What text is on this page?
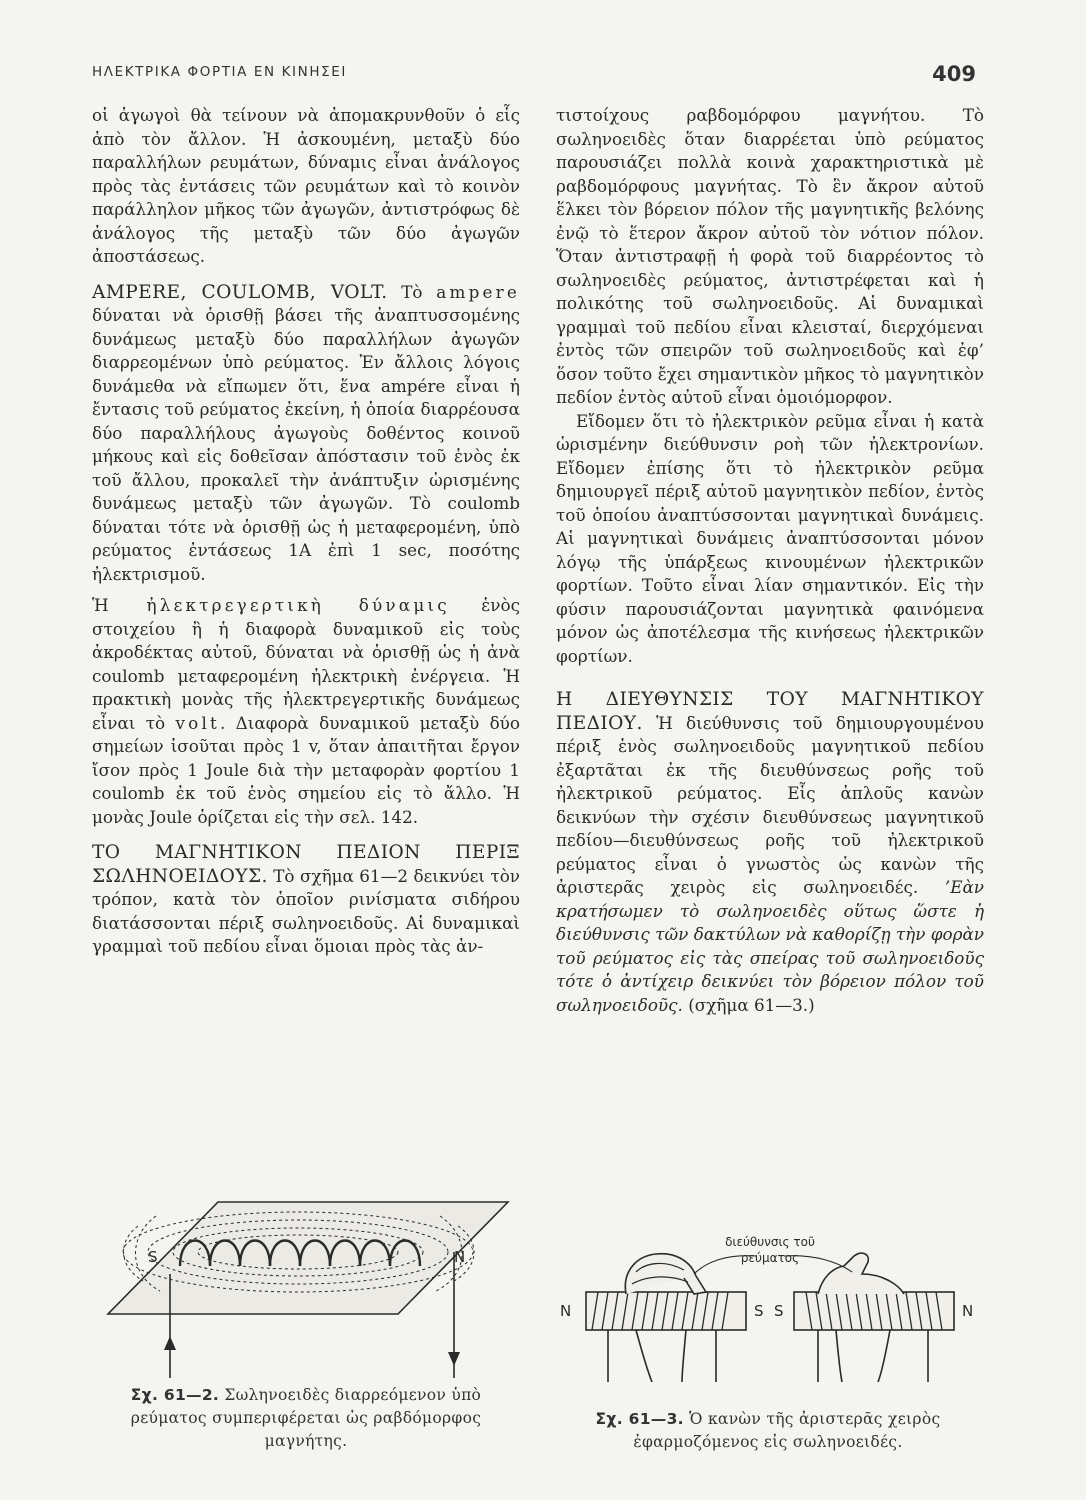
ΗΛΕΚΤΡΙΚΑ ΦΟΡΤΙΑ ΕΝ ΚΙΝΗΣΕΙ	409

οἱ ἀγωγοὶ θὰ τείνουν νὰ ἀπομακρυνθοῦν ὁ εἷς ἀπὸ τὸν ἄλλον. Ἡ ἀσκουμένη, μεταξὺ δύο παραλλήλων ρευμάτων, δύναμις εἶναι ἀνάλογος πρὸς τὰς ἐντάσεις τῶν ρευμάτων καὶ τὸ κοινὸν παράλληλον μῆκος τῶν ἀγωγῶν, ἀντιστρόφως δὲ ἀνάλογος τῆς μεταξὺ τῶν δύο ἀγωγῶν ἀποστάσεως.

AMPERE, COULOMB, VOLT. Τὸ ampere δύναται νὰ ὁρισθῇ βάσει τῆς ἀναπτυσσομένης δυνάμεως μεταξὺ δύο παραλλήλων ἀγωγῶν διαρρεομένων ὑπὸ ρεύματος. Ἐν ἄλλοις λόγοις δυνάμεθα νὰ εἴπωμεν ὅτι, ἕνα ampére εἶναι ἡ ἔντασις τοῦ ρεύματος ἐκείνη, ἡ ὁποία διαρρέουσα δύο παραλλήλους ἀγωγοὺς δοθέντος κοινοῦ μήκους καὶ εἰς δοθεῖσαν ἀπόστασιν τοῦ ἑνὸς ἐκ τοῦ ἄλλου, προκαλεῖ τὴν ἀνάπτυξιν ὡρισμένης δυνάμεως μεταξὺ τῶν ἀγωγῶν. Τὸ coulomb δύναται τότε νὰ ὁρισθῇ ὡς ἡ μεταφερομένη, ὑπὸ ρεύματος ἐντάσεως 1A ἐπὶ 1 sec, ποσότης ἠλεκτρισμοῦ.

Ἡ ἠλεκτρεγερτικὴ δύναμις ἑνὸς στοιχείου ἢ ἡ διαφορὰ δυναμικοῦ εἰς τοὺς ἀκροδέκτας αὐτοῦ, δύναται νὰ ὁρισθῇ ὡς ἡ ἀνὰ coulomb μεταφερομένη ἠλεκτρικὴ ἐνέργεια. Ἡ πρακτικὴ μονὰς τῆς ἠλεκτρεγερτικῆς δυνάμεως εἶναι τὸ volt. Διαφορὰ δυναμικοῦ μεταξὺ δύο σημείων ἰσοῦται πρὸς 1 v, ὅταν ἀπαιτῆται ἔργον ἴσον πρὸς 1 Joule διὰ τὴν μεταφορὰν φορτίου 1 coulomb ἐκ τοῦ ἑνὸς σημείου εἰς τὸ ἄλλο. Ἡ μονὰς Joule ὁρίζεται εἰς τὴν σελ. 142.

ΤΟ ΜΑΓΝΗΤΙΚΟΝ ΠΕΔΙΟΝ ΠΕΡΙΞ ΣΩΛΗΝΟΕΙΔΟΥΣ. Τὸ σχῆμα 61—2 δεικνύει τὸν τρόπον, κατὰ τὸν ὁποῖον ρινίσματα σιδήρου διατάσσονται πέριξ σωληνοειδοῦς. Αἱ δυναμικαὶ γραμμαὶ τοῦ πεδίου εἶναι ὅμοιαι πρὸς τὰς ἀν-

τιστοίχους ραβδομόρφου μαγνήτου. Τὸ σωληνοειδὲς ὅταν διαρρέεται ὑπὸ ρεύματος παρουσιάζει πολλὰ κοινὰ χαρακτηριστικὰ μὲ ραβδομόρφους μαγνήτας. Τὸ ἓν ἄκρον αὐτοῦ ἕλκει τὸν βόρειον πόλον τῆς μαγνητικῆς βελόνης ἐνῷ τὸ ἕτερον ἄκρον αὐτοῦ τὸν νότιον πόλον. Ὅταν ἀντιστραφῇ ἡ φορὰ τοῦ διαρρέοντος τὸ σωληνοειδὲς ρεύματος, ἀντιστρέφεται καὶ ἡ πολικότης τοῦ σωληνοειδοῦς. Αἱ δυναμικαὶ γραμμαὶ τοῦ πεδίου εἶναι κλεισταί, διερχόμεναι ἐντὸς τῶν σπειρῶν τοῦ σωληνοειδοῦς καὶ ἐφ’ ὅσον τοῦτο ἔχει σημαντικὸν μῆκος τὸ μαγνητικὸν πεδίον ἐντὸς αὐτοῦ εἶναι ὁμοιόμορφον.

Εἴδομεν ὅτι τὸ ἠλεκτρικὸν ρεῦμα εἶναι ἡ κατὰ ὡρισμένην διεύθυνσιν ροὴ τῶν ἠλεκτρονίων. Εἴδομεν ἐπίσης ὅτι τὸ ἠλεκτρικὸν ρεῦμα δημιουργεῖ πέριξ αὐτοῦ μαγνητικὸν πεδίον, ἐντὸς τοῦ ὁποίου ἀναπτύσσονται μαγνητικαὶ δυνάμεις. Αἱ μαγνητικαὶ δυνάμεις ἀναπτύσσονται μόνον λόγῳ τῆς ὑπάρξεως κινουμένων ἠλεκτρικῶν φορτίων. Τοῦτο εἶναι λίαν σημαντικόν. Εἰς τὴν φύσιν παρουσιάζονται μαγνητικὰ φαινόμενα μόνον ὡς ἀποτέλεσμα τῆς κινήσεως ἠλεκτρικῶν φορτίων.

Η ΔΙΕΥΘΥΝΣΙΣ ΤΟΥ ΜΑΓΝΗΤΙΚΟΥ ΠΕΔΙΟΥ. Ἡ διεύθυνσις τοῦ δημιουργουμένου πέριξ ἑνὸς σωληνοειδοῦς μαγνητικοῦ πεδίου ἐξαρτᾶται ἐκ τῆς διευθύνσεως ροῆς τοῦ ἠλεκτρικοῦ ρεύματος. Εἷς ἁπλοῦς κανὼν δεικνύων τὴν σχέσιν διευθύνσεως μαγνητικοῦ πεδίου—διευθύνσεως ροῆς τοῦ ἠλεκτρικοῦ ρεύματος εἶναι ὁ γνωστὸς ὡς κανὼν τῆς ἀριστερᾶς χειρὸς εἰς σωληνοειδές. ’Εὰν κρατήσωμεν τὸ σωληνοειδὲς οὕτως ὥστε ἡ διεύθυνσις τῶν δακτύλων νὰ καθορίζῃ τὴν φορὰν τοῦ ρεύματος εἰς τὰς σπείρας τοῦ σωληνοειδοῦς τότε ὁ ἀντίχειρ δεικνύει τὸν βόρειον πόλον τοῦ σωληνοειδοῦς. (σχῆμα 61—3.)

S	N
Σχ. 61—2. Σωληνοειδὲς διαρρεόμενον ὑπὸ ρεύματος συμπεριφέρεται ὡς ραβδόμορφος μαγνήτης.
διεύθυνσις τοῦ
ρεύματος
N	S S	N
Σχ. 61—3. Ὁ κανὼν τῆς ἀριστερᾶς χειρὸς ἐφαρμοζόμενος εἰς σωληνοειδές.
